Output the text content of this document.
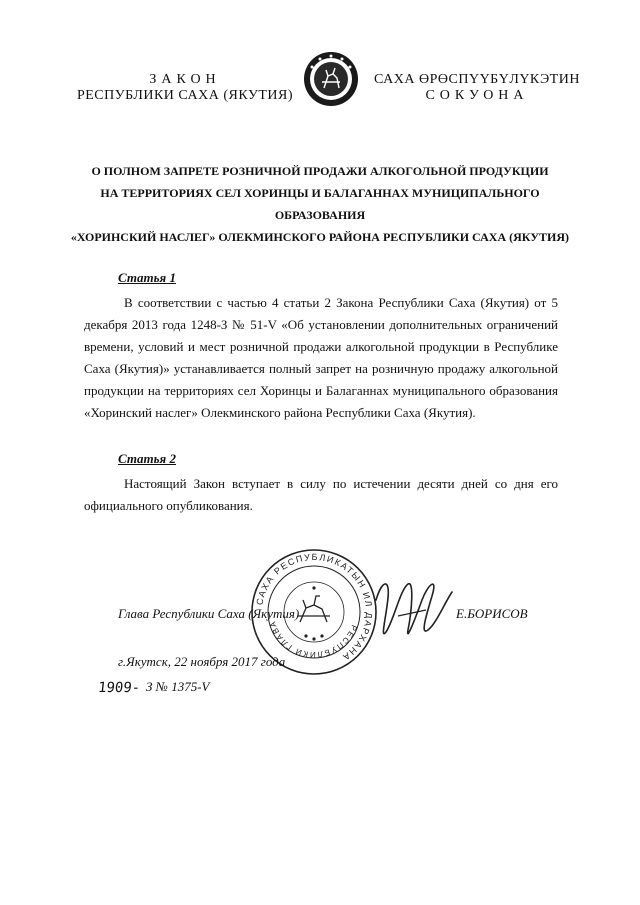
ЗАКОН
РЕСПУБЛИКИ САХА (ЯКУТИЯ)
САХА ӨРӨСПҮҮБҮЛҮКЭТИН
СОКУОНА
О ПОЛНОМ ЗАПРЕТЕ РОЗНИЧНОЙ ПРОДАЖИ АЛКОГОЛЬНОЙ ПРОДУКЦИИ
НА ТЕРРИТОРИЯХ СЕЛ ХОРИНЦЫ И БАЛАГАННАХ МУНИЦИПАЛЬНОГО ОБРАЗОВАНИЯ
«ХОРИНСКИЙ НАСЛЕГ» ОЛЕКМИНСКОГО РАЙОНА РЕСПУБЛИКИ САХА (ЯКУТИЯ)
Статья 1
В соответствии с частью 4 статьи 2 Закона Республики Саха (Якутия) от 5 декабря 2013 года 1248-З № 51-V «Об установлении дополнительных ограничений времени, условий и мест розничной продажи алкогольной продукции в Республике Саха (Якутия)» устанавливается полный запрет на розничную продажу алкогольной продукции на территориях сел Хоринцы и Балаганнах муниципального образования «Хоринский наслег» Олекминского района Республики Саха (Якутия).
Статья 2
Настоящий Закон вступает в силу по истечении десяти дней со дня его официального опубликования.
САХА РЕСПУБЛИКАТЫН ИЛ ДАРХАНА
РЕСПУБЛИКИ ГЛАВА
Глава Республики Саха (Якутия)	Е.БОРИСОВ
г.Якутск, 22 ноября 2017 года
1909- З № 1375-V
